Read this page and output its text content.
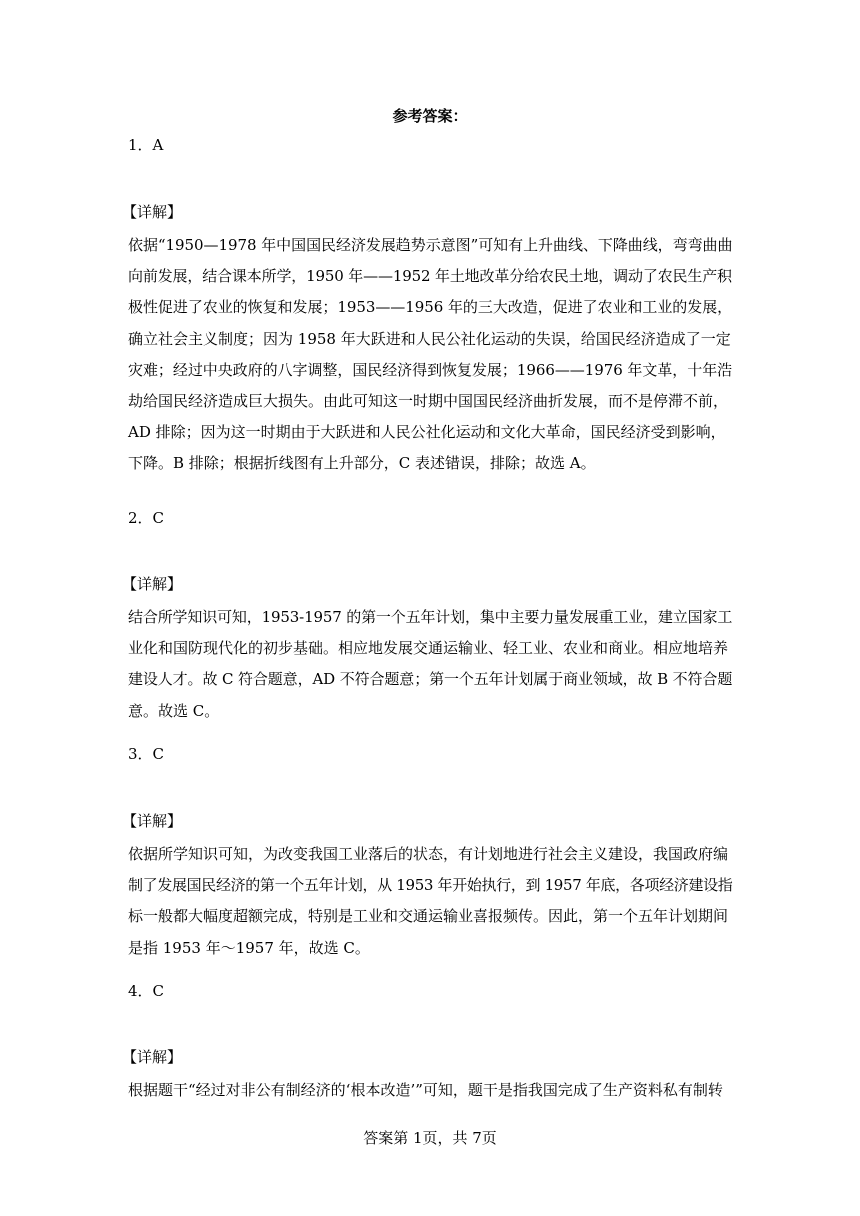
参考答案：
1．A
【详解】
依据“1950—1978 年中国国民经济发展趋势示意图”可知有上升曲线、下降曲线，弯弯曲曲
向前发展，结合课本所学，1950 年——1952 年土地改革分给农民土地，调动了农民生产积
极性促进了农业的恢复和发展；1953——1956 年的三大改造，促进了农业和工业的发展，
确立社会主义制度；因为 1958 年大跃进和人民公社化运动的失误，给国民经济造成了一定
灾难；经过中央政府的八字调整，国民经济得到恢复发展；1966——1976 年文革，十年浩
劫给国民经济造成巨大损失。由此可知这一时期中国国民经济曲折发展，而不是停滞不前，
AD 排除；因为这一时期由于大跃进和人民公社化运动和文化大革命，国民经济受到影响，
下降。B 排除；根据折线图有上升部分，C 表述错误，排除；故选 A。
2．C
【详解】
结合所学知识可知，1953-1957 的第一个五年计划，集中主要力量发展重工业，建立国家工
业化和国防现代化的初步基础。相应地发展交通运输业、轻工业、农业和商业。相应地培养
建设人才。故 C 符合题意，AD 不符合题意；第一个五年计划属于商业领域，故 B 不符合题
意。故选 C。
3．C
【详解】
依据所学知识可知，为改变我国工业落后的状态，有计划地进行社会主义建设，我国政府编
制了发展国民经济的第一个五年计划，从 1953 年开始执行，到 1957 年底，各项经济建设指
标一般都大幅度超额完成，特别是工业和交通运输业喜报频传。因此，第一个五年计划期间
是指 1953 年～1957 年，故选 C。
4．C
【详解】
根据题干“经过对非公有制经济的‘根本改造’”可知，题干是指我国完成了生产资料私有制转
答案第 1页，共 7页
